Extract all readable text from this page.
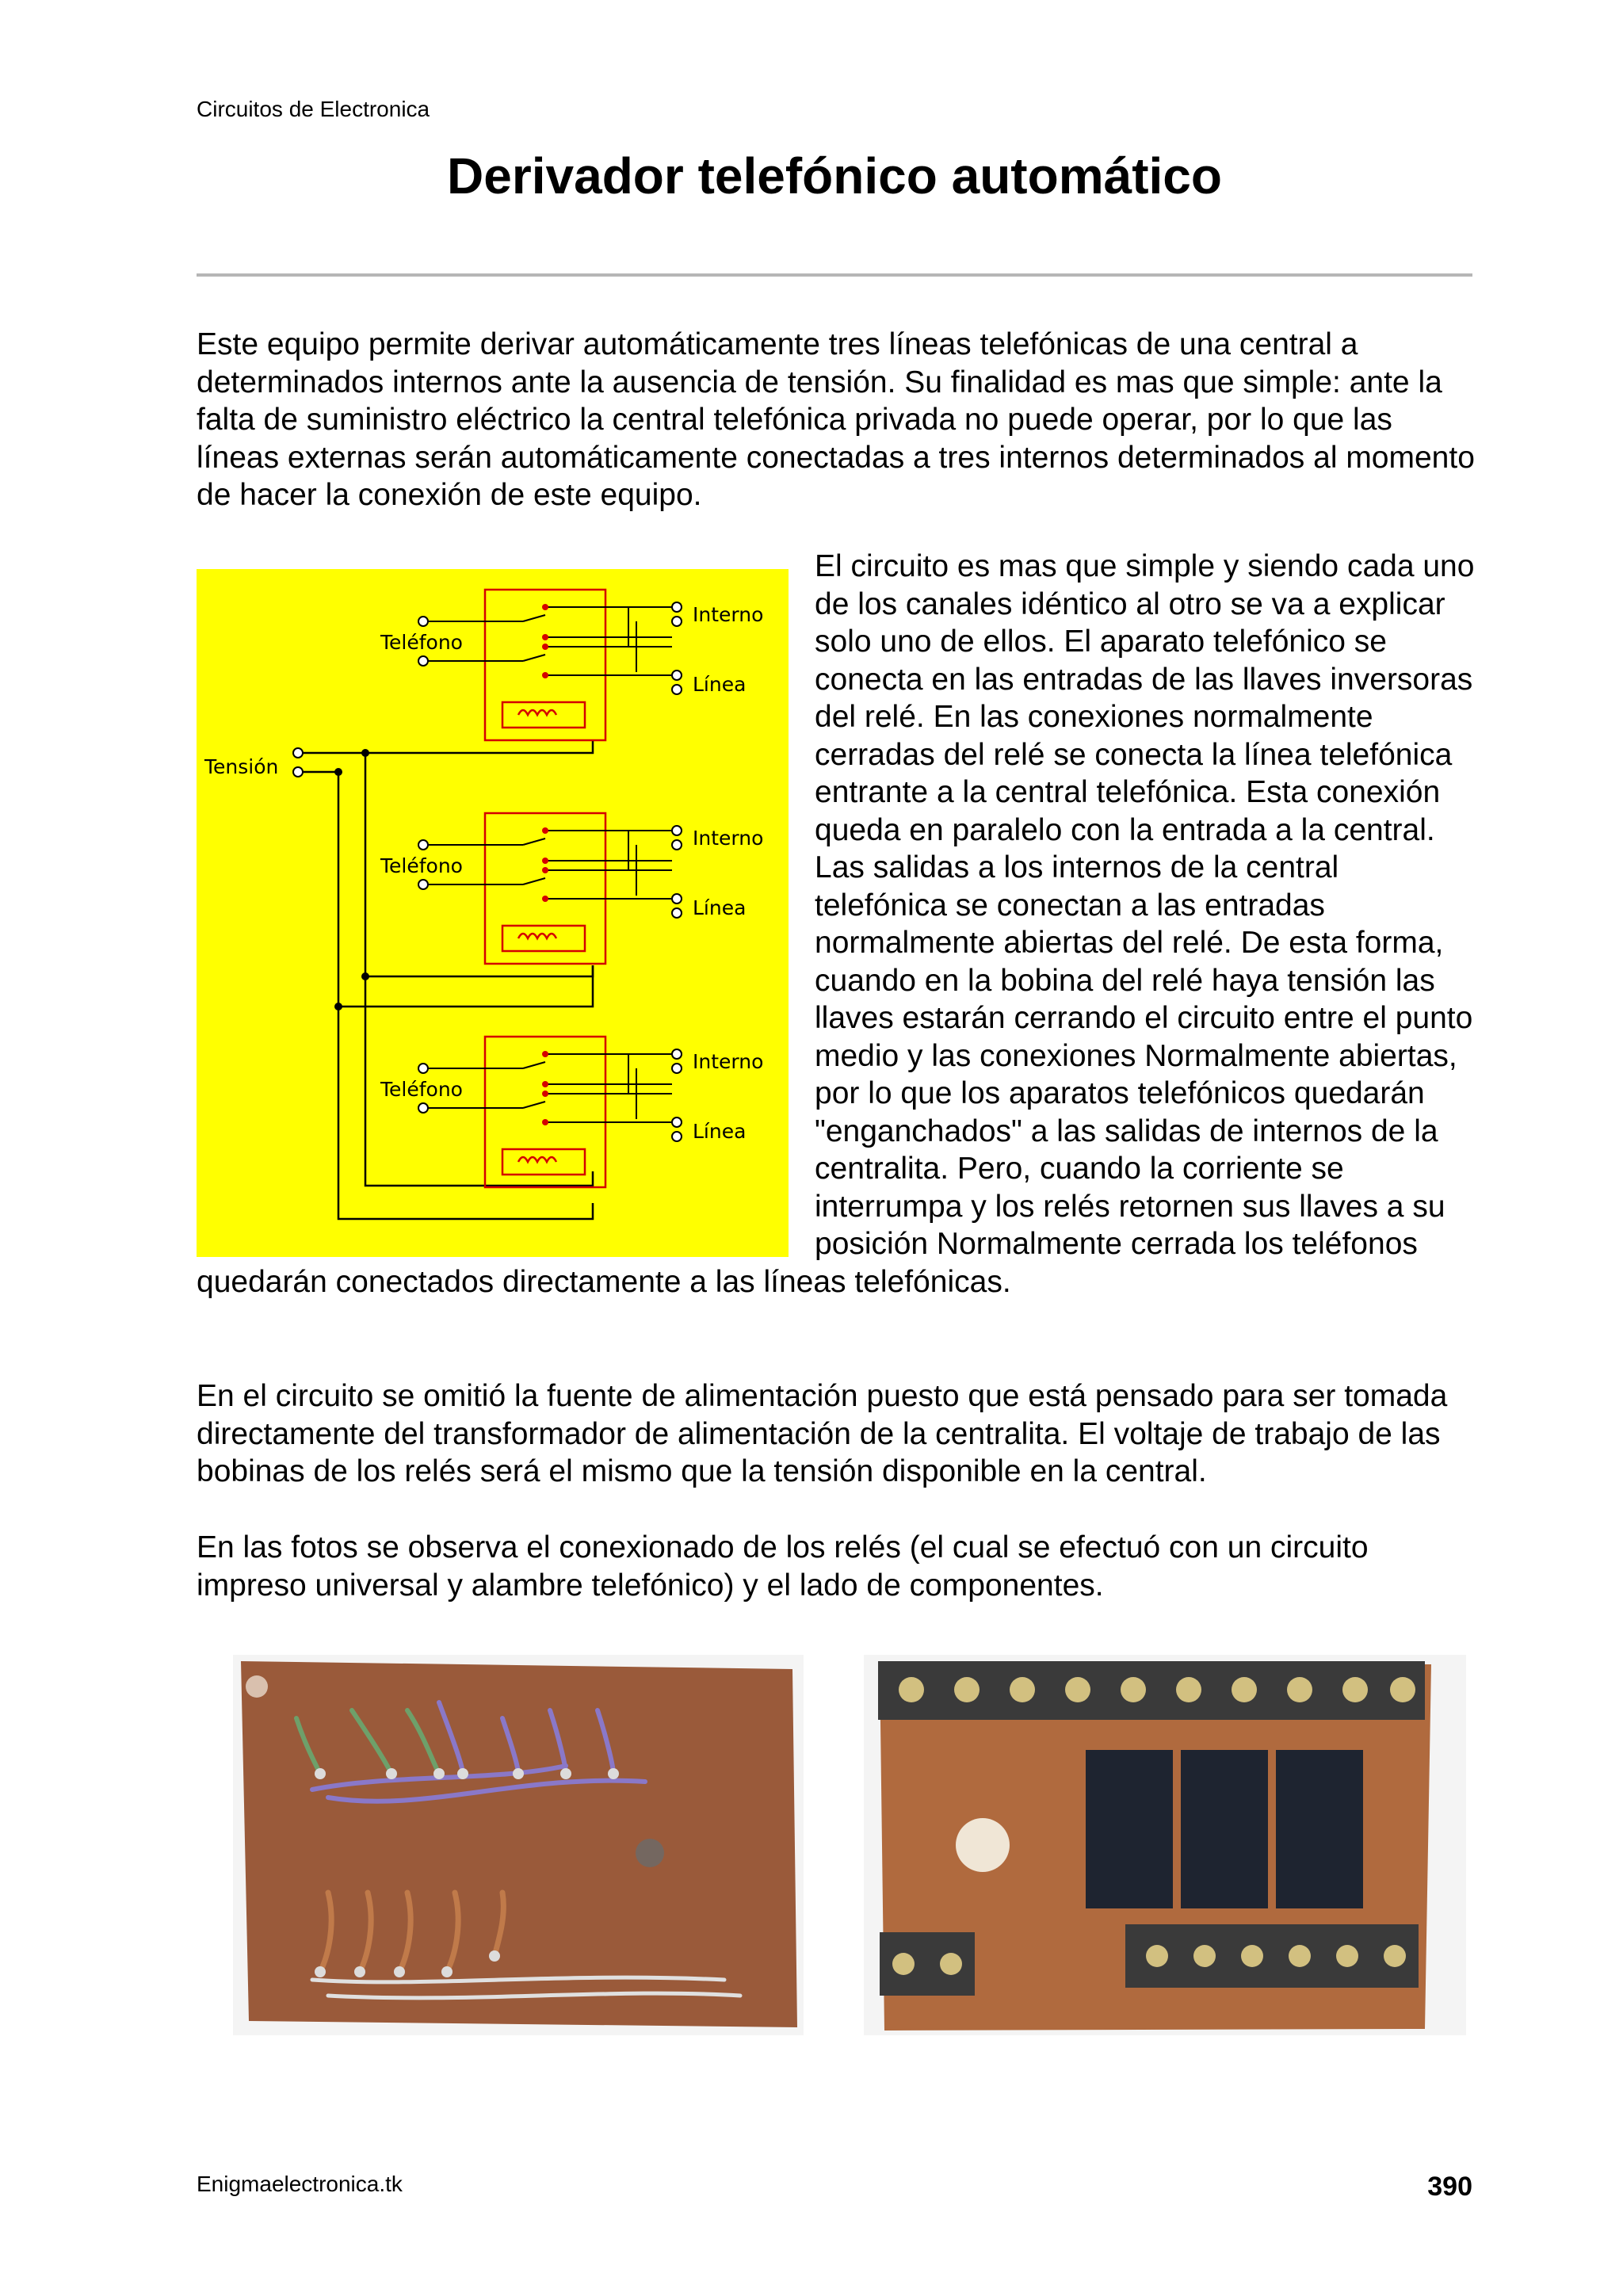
Circuitos de Electronica
Derivador telefónico automático

Este equipo permite derivar automáticamente tres líneas telefónicas de una central a determinados internos ante la ausencia de tensión. Su finalidad es mas que simple: ante la falta de suministro eléctrico la central telefónica privada no puede operar, por lo que las líneas externas serán automáticamente conectadas a tres internos determinados al momento de hacer la conexión de este equipo.

El circuito es mas que simple y siendo cada uno de los canales idéntico al otro se va a explicar solo uno de ellos. El aparato telefónico se conecta en las entradas de las llaves inversoras del relé. En las conexiones normalmente cerradas del relé se conecta la línea telefónica entrante a la central telefónica. Esta conexión queda en paralelo con la entrada a la central. Las salidas a los internos de la central telefónica se conectan a las entradas normalmente abiertas del relé. De esta forma, cuando en la bobina del relé haya tensión las llaves estarán cerrando el circuito entre el punto medio y las conexiones Normalmente abiertas, por lo que los aparatos telefónicos quedarán "enganchados" a las salidas de internos de la centralita. Pero, cuando la corriente se interrumpa y los relés retornen sus llaves a su posición Normalmente cerrada los teléfonos quedarán conectados directamente a las líneas telefónicas.

Tensión
Teléfono
Interno
Línea
Teléfono
Interno
Línea
Teléfono
Interno
Línea

En el circuito se omitió la fuente de alimentación puesto que está pensado para ser tomada directamente del transformador de alimentación de la centralita. El voltaje de trabajo de las bobinas de los relés será el mismo que la tensión disponible en la central.

En las fotos se observa el conexionado de los relés (el cual se efectuó con un circuito impreso universal y alambre telefónico) y el lado de componentes.

Enigmaelectronica.tk	390
